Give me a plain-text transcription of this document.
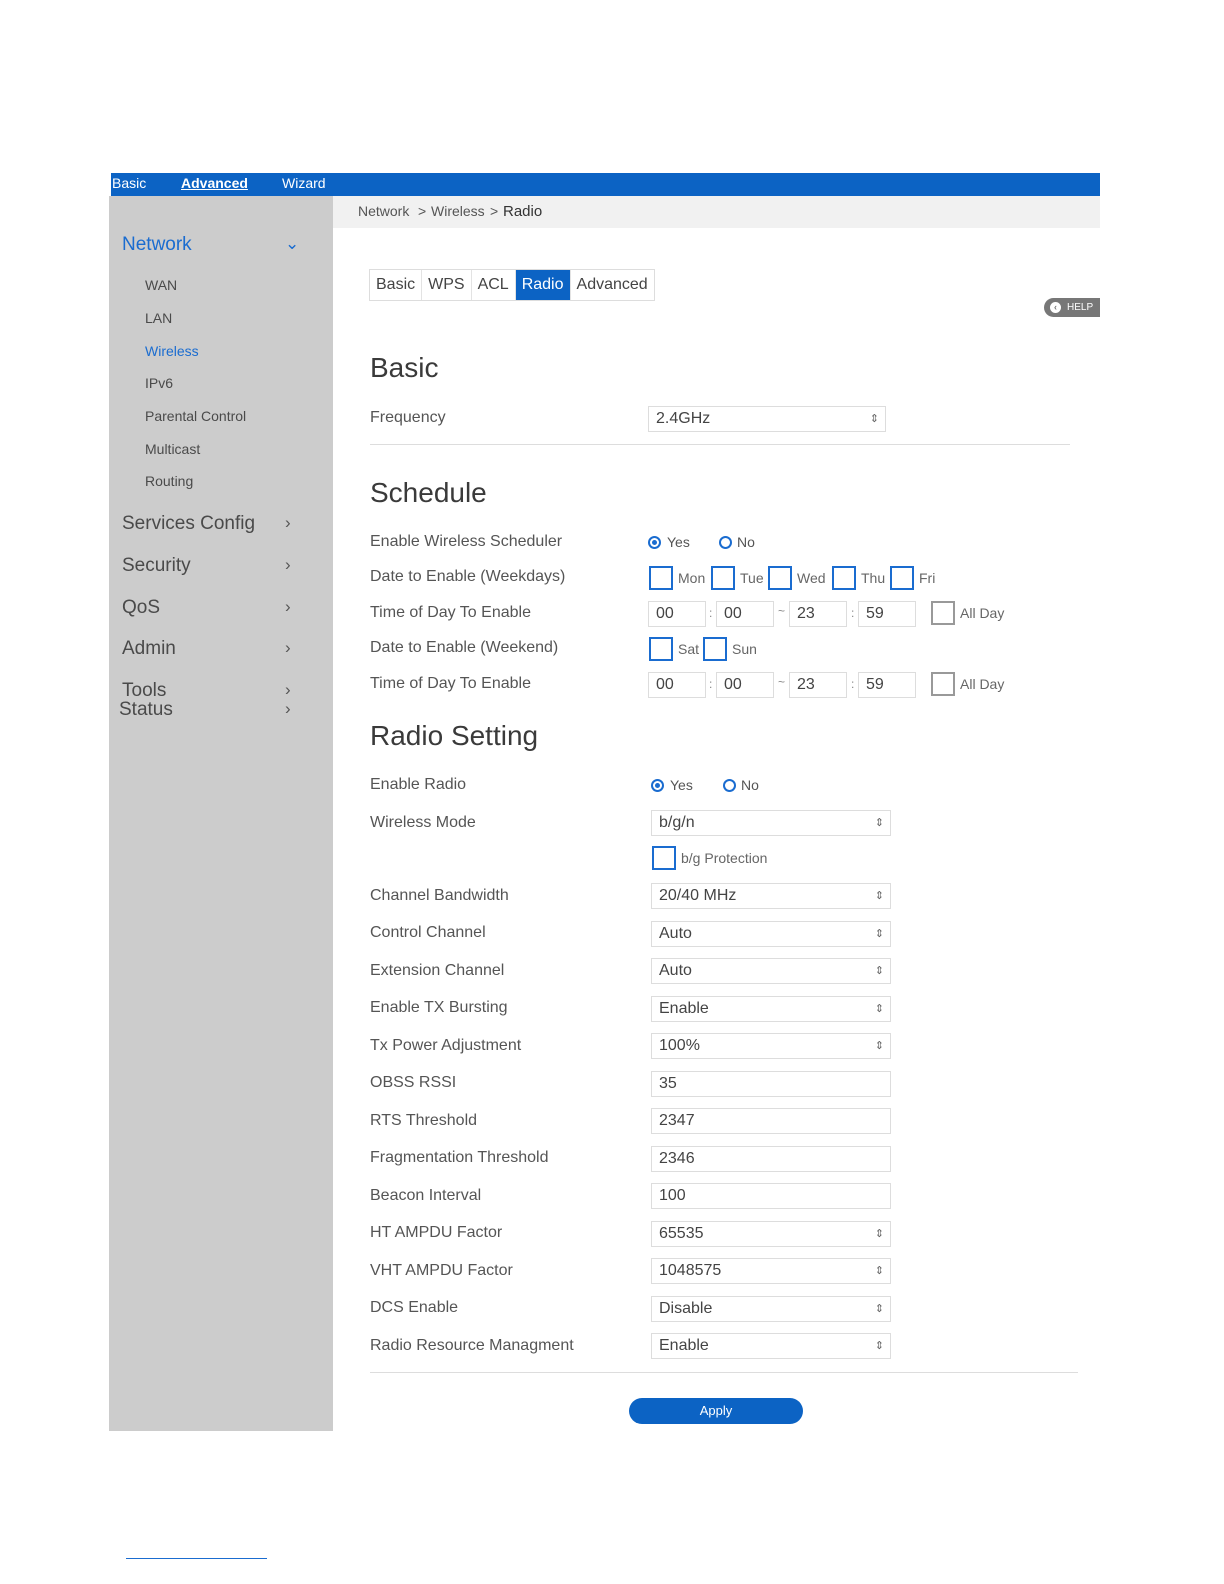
Basic Advanced Wizard
Network	⌄
WAN
LAN
Wireless
IPv6
Parental Control
Multicast
Routing
Services Config ›
Security	›
QoS	›
Admin	›
Tools	›
Status	›
Network > Wireless > Radio
Basic WPS ACL Radio Advanced
‹	HELP
Basic
Frequency	2.4GHz	⇕
Schedule
Enable Wireless Scheduler	Yes	No
Date to Enable (Weekdays)	Mon Tue Wed	Thu Fri
Time of Day To Enable	00	: 00	~ 23	: 59	All Day
Date to Enable (Weekend)	Sat Sun
Time of Day To Enable	00	: 00	~ 23	: 59	All Day
Radio Setting
Enable Radio	Yes	No
Wireless Mode	b/g/n	⇕
b/g Protection
Channel Bandwidth	20/40 MHz	⇕
Control Channel	Auto	⇕
Extension Channel	Auto	⇕
Enable TX Bursting	Enable	⇕
Tx Power Adjustment	100%	⇕
OBSS RSSI	35
RTS Threshold	2347
Fragmentation Threshold	2346
Beacon Interval	100
HT AMPDU Factor	65535	⇕
VHT AMPDU Factor	1048575	⇕
DCS Enable	Disable	⇕
Radio Resource Managment	Enable	⇕
Apply
